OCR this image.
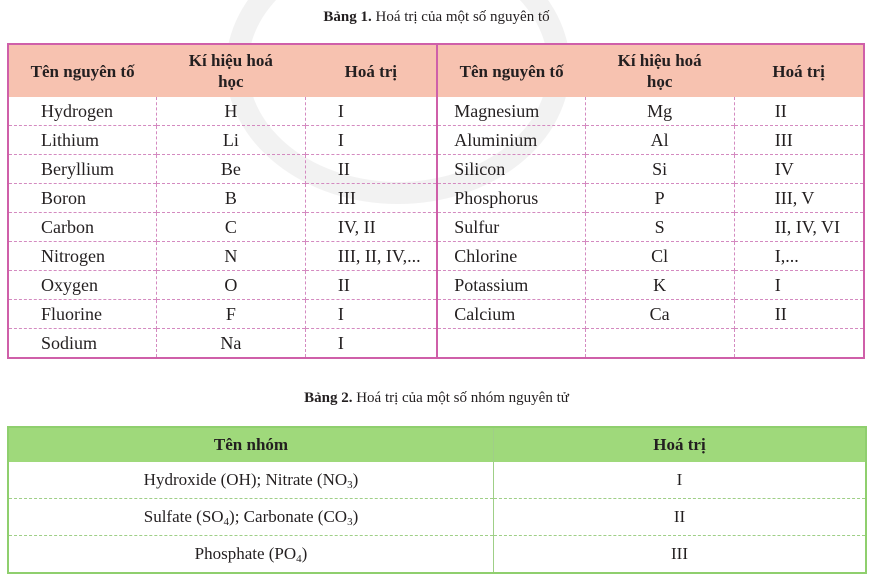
Bảng 1. Hoá trị của một số nguyên tố
Tên nguyên tố	Kí hiệu hoá học	Hoá trị	Tên nguyên tố	Kí hiệu hoá học	Hoá trị
Hydrogen	H	I	Magnesium	Mg	II
Lithium	Li	I	Aluminium	Al	III
Beryllium	Be	II	Silicon	Si	IV
Boron	B	III	Phosphorus	P	III, V
Carbon	C	IV, II	Sulfur	S	II, IV, VI
Nitrogen	N	III, II, IV,...	Chlorine	Cl	I,...
Oxygen	O	II	Potassium	K	I
Fluorine	F	I	Calcium	Ca	II
Sodium	Na	I			
Bảng 2. Hoá trị của một số nhóm nguyên tử
Tên nhóm	Hoá trị
Hydroxide (OH); Nitrate $(NO_3)$	I
Sulfate $(SO_4)$; Carbonate $(CO_3)$	II
Phosphate $(PO_4)$	III
